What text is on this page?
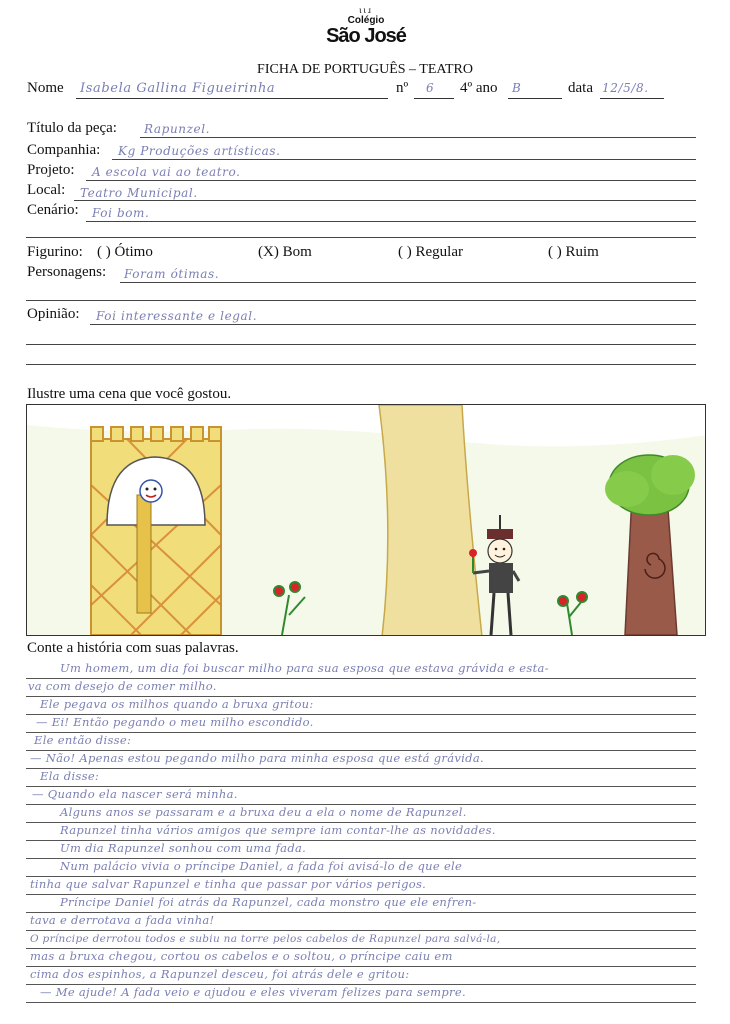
ɩɩɹ
Colégio
São José
FICHA DE PORTUGUÊS – TEATRO
Nome Isabela Gallina Figueirinha	nº 6 4º ano B	data 12/5/8.
Título da peça: Rapunzel.
Companhia: Kg Produções artísticas.
Projeto: A escola vai ao teatro.
Local: Teatro Municipal.
Cenário: Foi bom.
Figurino: ( ) Ótimo	(X) Bom	( ) Regular	( ) Ruim
Personagens: Foram ótimas.
Opinião: Foi interessante e legal.
Ilustre uma cena que você gostou.
Conte a história com suas palavras.
Um homem, um dia foi buscar milho para sua esposa que estava grávida e esta-
va com desejo de comer milho.
Ele pegava os milhos quando a bruxa gritou:
— Ei! Então pegando o meu milho escondido.
Ele então disse:
— Não! Apenas estou pegando milho para minha esposa que está grávida.
Ela disse:
— Quando ela nascer será minha.
Alguns anos se passaram e a bruxa deu a ela o nome de Rapunzel.
Rapunzel tinha vários amigos que sempre iam contar-lhe as novidades.
Um dia Rapunzel sonhou com uma fada.
Num palácio vivia o príncipe Daniel, a fada foi avisá-lo de que ele
tinha que salvar Rapunzel e tinha que passar por vários perigos.
Príncipe Daniel foi atrás da Rapunzel, cada monstro que ele enfren-
tava e derrotava a fada vinha!
O príncipe derrotou todos e subiu na torre pelos cabelos de Rapunzel para salvá-la,
mas a bruxa chegou, cortou os cabelos e o soltou, o príncipe caiu em
cima dos espinhos, a Rapunzel desceu, foi atrás dele e gritou:
— Me ajude! A fada veio e ajudou e eles viveram felizes para sempre.
